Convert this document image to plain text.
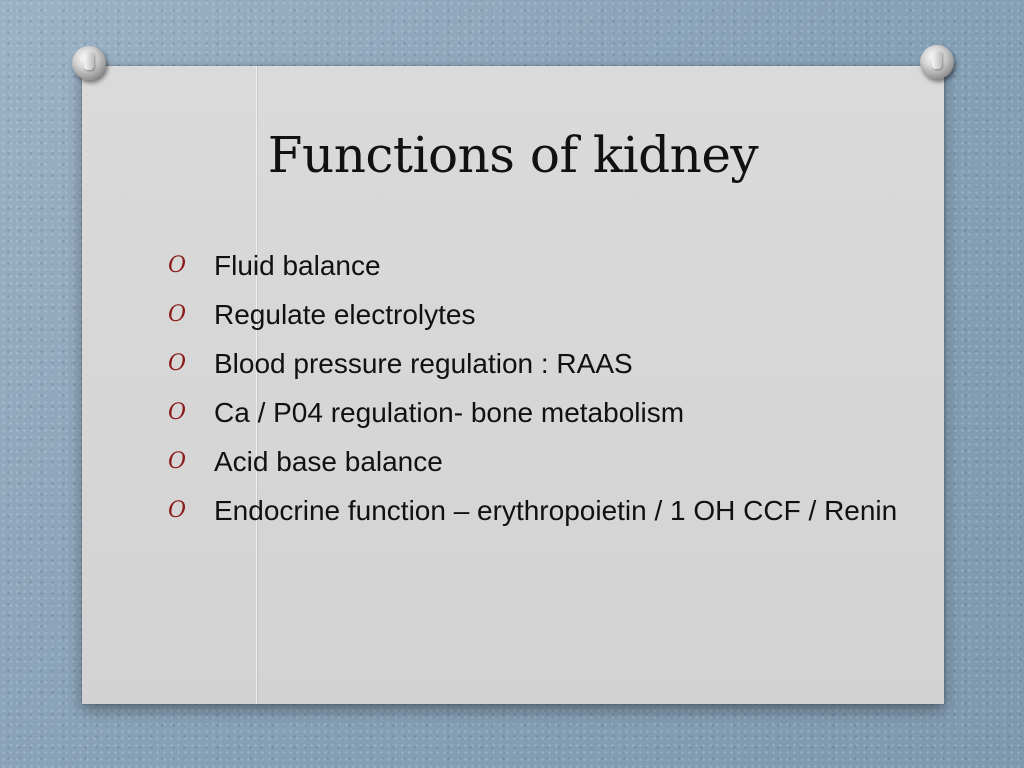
Functions of kidney
O Fluid balance
O Regulate electrolytes
O Blood pressure regulation : RAAS
O Ca / P04 regulation- bone metabolism
O Acid base balance
O Endocrine function – erythropoietin / 1 OH CCF / Renin
